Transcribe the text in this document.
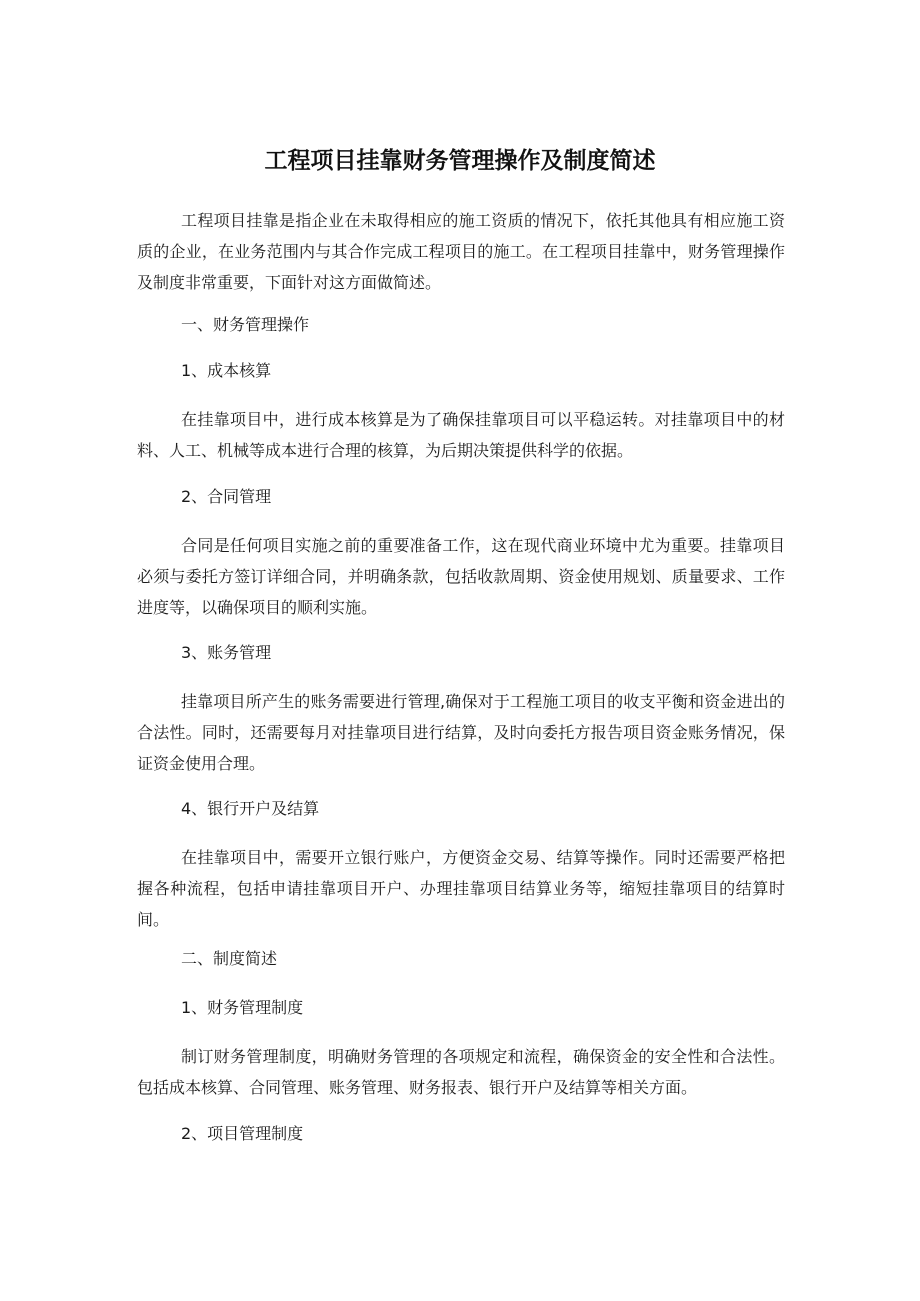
工程项目挂靠财务管理操作及制度简述

工程项目挂靠是指企业在未取得相应的施工资质的情况下，依托其他具有相应施工资质的企业，在业务范围内与其合作完成工程项目的施工。在工程项目挂靠中，财务管理操作及制度非常重要，下面针对这方面做简述。

一、财务管理操作

1、成本核算

在挂靠项目中，进行成本核算是为了确保挂靠项目可以平稳运转。对挂靠项目中的材料、人工、机械等成本进行合理的核算，为后期决策提供科学的依据。

2、合同管理

合同是任何项目实施之前的重要准备工作，这在现代商业环境中尤为重要。挂靠项目必须与委托方签订详细合同，并明确条款，包括收款周期、资金使用规划、质量要求、工作进度等，以确保项目的顺利实施。

3、账务管理

挂靠项目所产生的账务需要进行管理,确保对于工程施工项目的收支平衡和资金进出的合法性。同时，还需要每月对挂靠项目进行结算，及时向委托方报告项目资金账务情况，保证资金使用合理。

4、银行开户及结算

在挂靠项目中，需要开立银行账户，方便资金交易、结算等操作。同时还需要严格把握各种流程，包括申请挂靠项目开户、办理挂靠项目结算业务等，缩短挂靠项目的结算时间。

二、制度简述

1、财务管理制度

制订财务管理制度，明确财务管理的各项规定和流程，确保资金的安全性和合法性。包括成本核算、合同管理、账务管理、财务报表、银行开户及结算等相关方面。

2、项目管理制度
